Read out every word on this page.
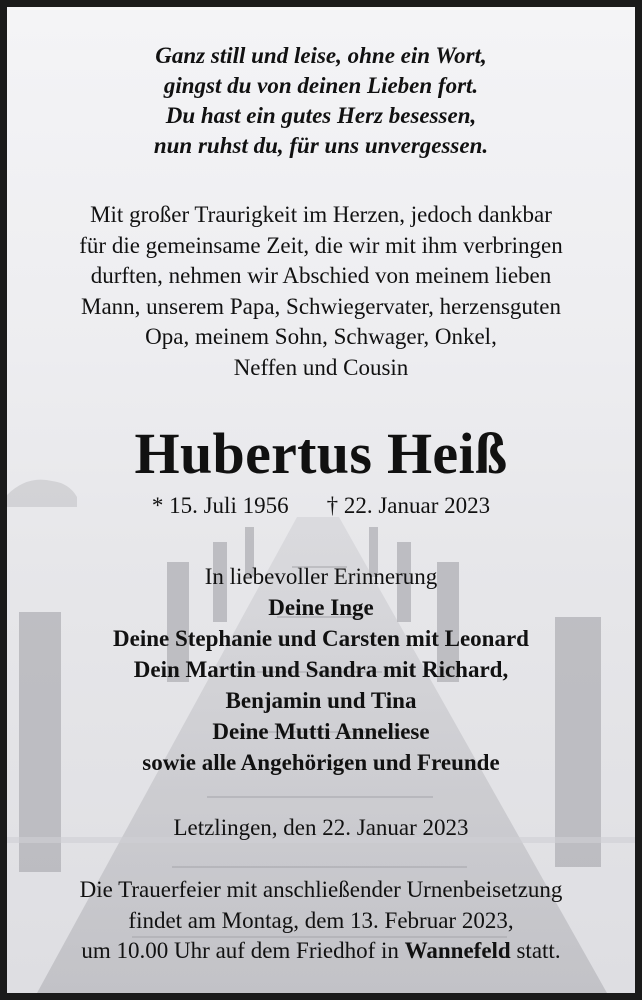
Ganz still und leise, ohne ein Wort,
gingst du von deinen Lieben fort.
Du hast ein gutes Herz besessen,
nun ruhst du, für uns unvergessen.
Mit großer Traurigkeit im Herzen, jedoch dankbar
für die gemeinsame Zeit, die wir mit ihm verbringen
durften, nehmen wir Abschied von meinem lieben
Mann, unserem Papa, Schwiegervater, herzensguten
Opa, meinem Sohn, Schwager, Onkel,
Neffen und Cousin
Hubertus Heiß
* 15. Juli 1956 † 22. Januar 2023
In liebevoller Erinnerung
Deine Inge
Deine Stephanie und Carsten mit Leonard
Dein Martin und Sandra mit Richard,
Benjamin und Tina
Deine Mutti Anneliese
sowie alle Angehörigen und Freunde
Letzlingen, den 22. Januar 2023
Die Trauerfeier mit anschließender Urnenbeisetzung
findet am Montag, dem 13. Februar 2023,
um 10.00 Uhr auf dem Friedhof in Wannefeld statt.
